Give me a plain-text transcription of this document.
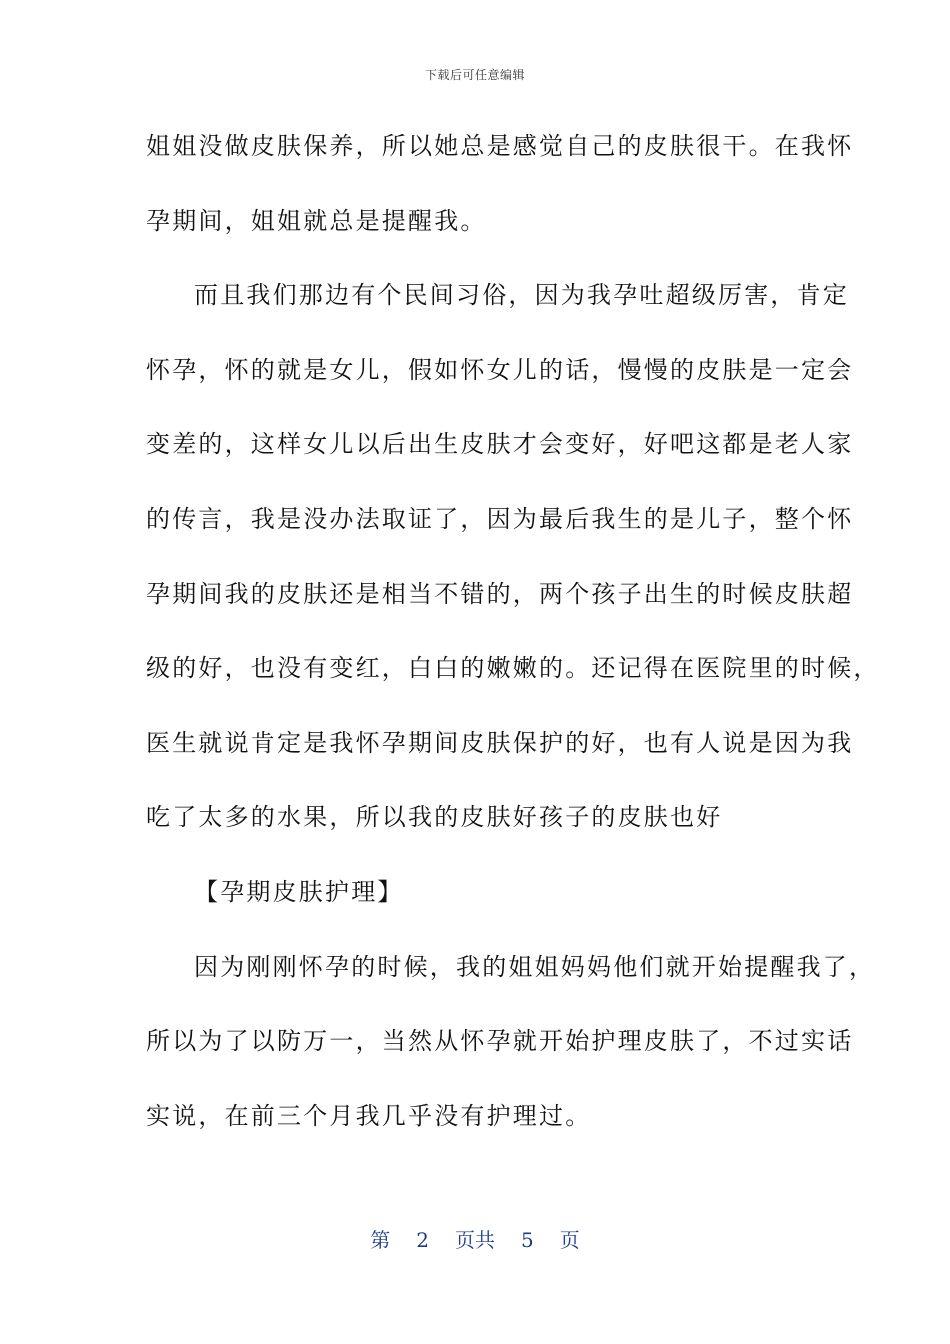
下载后可任意编辑
姐姐没做皮肤保养，所以她总是感觉自己的皮肤很干。在我怀
孕期间，姐姐就总是提醒我。
而且我们那边有个民间习俗，因为我孕吐超级厉害，肯定
怀孕，怀的就是女儿，假如怀女儿的话，慢慢的皮肤是一定会
变差的，这样女儿以后出生皮肤才会变好，好吧这都是老人家
的传言，我是没办法取证了，因为最后我生的是儿子，整个怀
孕期间我的皮肤还是相当不错的，两个孩子出生的时候皮肤超
级的好，也没有变红，白白的嫩嫩的。还记得在医院里的时候，
医生就说肯定是我怀孕期间皮肤保护的好，也有人说是因为我
吃了太多的水果，所以我的皮肤好孩子的皮肤也好
【孕期皮肤护理】
因为刚刚怀孕的时候，我的姐姐妈妈他们就开始提醒我了，
所以为了以防万一，当然从怀孕就开始护理皮肤了，不过实话
实说，在前三个月我几乎没有护理过。
第 2 页共 5 页
